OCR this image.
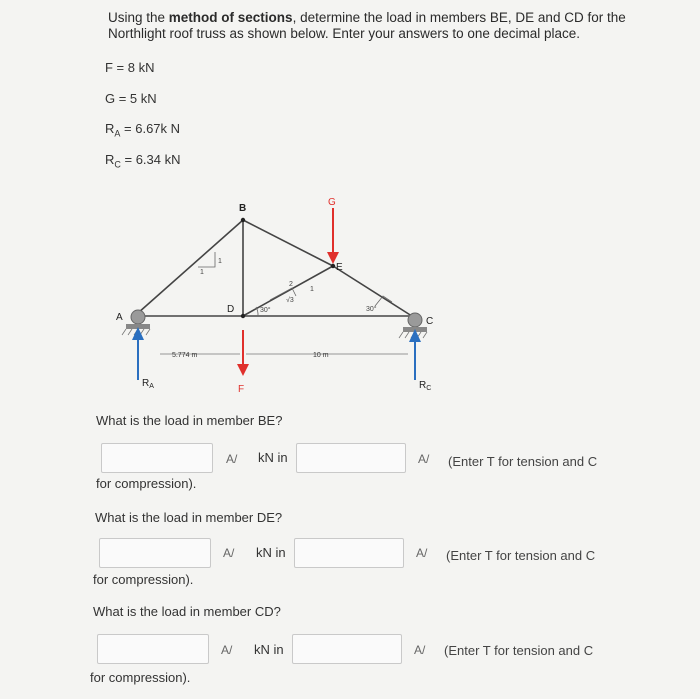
Using the method of sections, determine the load in members BE, DE and CD for the Northlight roof truss as shown below. Enter your answers to one decimal place.
F = 8 kN
G = 5 kN
$R_A = 6.67k$ N
$R_C = 6.34$ kN
1
1
2
√3
1
30°	30°
5.774 m	10 m
A
B
C
D
E
G
F
$R_A$	$R_C$
What is the load in member BE?
A/ kN in	A/ (Enter T for tension and C
for compression).
What is the load in member DE?
A/ kN in	A/ (Enter T for tension and C
for compression).
What is the load in member CD?
A/ kN in	A/ (Enter T for tension and C
for compression).
